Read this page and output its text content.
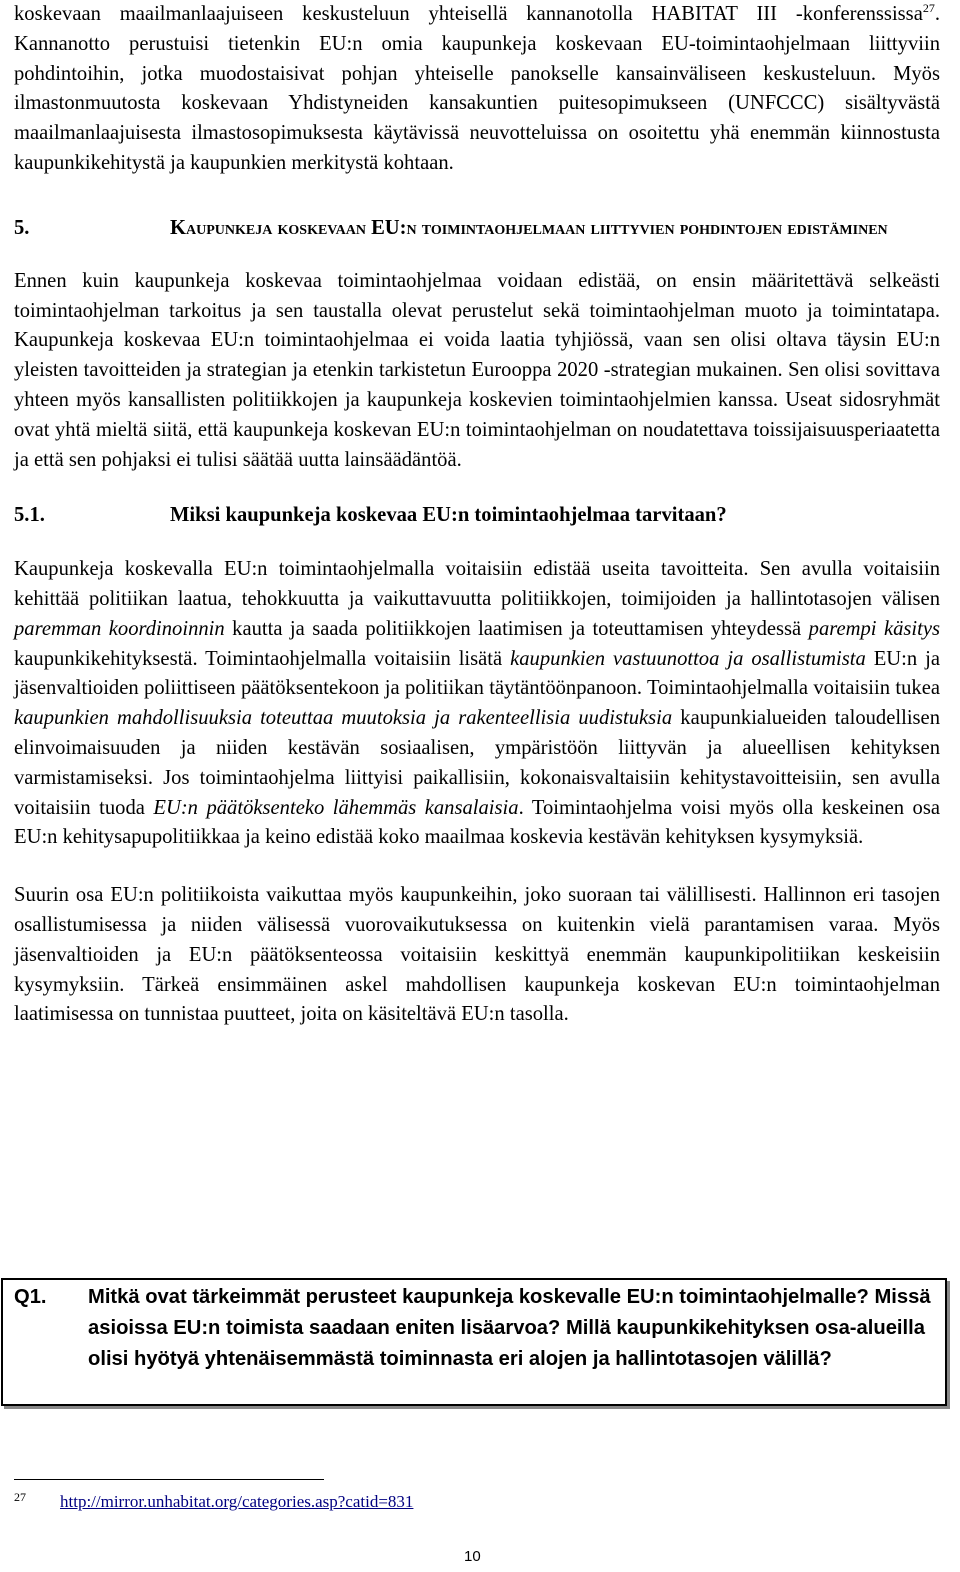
koskevaan maailmanlaajuiseen keskusteluun yhteisellä kannanotolla HABITAT III -konferenssissa$^{27}$. Kannanotto perustuisi tietenkin EU:n omia kaupunkeja koskevaan EU-toimintaohjelmaan liittyviin pohdintoihin, jotka muodostaisivat pohjan yhteiselle panokselle kansainväliseen keskusteluun. Myös ilmastonmuutosta koskevaan Yhdistyneiden kansakuntien puitesopimukseen (UNFCCC) sisältyvästä maailmanlaajuisesta ilmastosopimuksesta käytävissä neuvotteluissa on osoitettu yhä enemmän kiinnostusta kaupunkikehitystä ja kaupunkien merkitystä kohtaan.

5.	Kaupunkeja koskevaan EU:n toimintaohjelmaan liittyvien pohdintojen edistäminen

Ennen kuin kaupunkeja koskevaa toimintaohjelmaa voidaan edistää, on ensin määritettävä selkeästi toimintaohjelman tarkoitus ja sen taustalla olevat perustelut sekä toimintaohjelman muoto ja toimintatapa. Kaupunkeja koskevaa EU:n toimintaohjelmaa ei voida laatia tyhjiössä, vaan sen olisi oltava täysin EU:n yleisten tavoitteiden ja strategian ja etenkin tarkistetun Eurooppa 2020 -strategian mukainen. Sen olisi sovittava yhteen myös kansallisten politiikkojen ja kaupunkeja koskevien toimintaohjelmien kanssa. Useat sidosryhmät ovat yhtä mieltä siitä, että kaupunkeja koskevan EU:n toimintaohjelman on noudatettava toissijaisuusperiaatetta ja että sen pohjaksi ei tulisi säätää uutta lainsäädäntöä.

5.1.	Miksi kaupunkeja koskevaa EU:n toimintaohjelmaa tarvitaan?

Kaupunkeja koskevalla EU:n toimintaohjelmalla voitaisiin edistää useita tavoitteita. Sen avulla voitaisiin kehittää politiikan laatua, tehokkuutta ja vaikuttavuutta politiikkojen, toimijoiden ja hallintotasojen välisen paremman koordinoinnin kautta ja saada politiikkojen laatimisen ja toteuttamisen yhteydessä parempi käsitys kaupunkikehityksestä. Toimintaohjelmalla voitaisiin lisätä kaupunkien vastuunottoa ja osallistumista EU:n ja jäsenvaltioiden poliittiseen päätöksentekoon ja politiikan täytäntöönpanoon. Toimintaohjelmalla voitaisiin tukea kaupunkien mahdollisuuksia toteuttaa muutoksia ja rakenteellisia uudistuksia kaupunkialueiden taloudellisen elinvoimaisuuden ja niiden kestävän sosiaalisen, ympäristöön liittyvän ja alueellisen kehityksen varmistamiseksi. Jos toimintaohjelma liittyisi paikallisiin, kokonaisvaltaisiin kehitystavoitteisiin, sen avulla voitaisiin tuoda EU:n päätöksenteko lähemmäs kansalaisia. Toimintaohjelma voisi myös olla keskeinen osa EU:n kehitysapupolitiikkaa ja keino edistää koko maailmaa koskevia kestävän kehityksen kysymyksiä.

Suurin osa EU:n politiikoista vaikuttaa myös kaupunkeihin, joko suoraan tai välillisesti. Hallinnon eri tasojen osallistumisessa ja niiden välisessä vuorovaikutuksessa on kuitenkin vielä parantamisen varaa. Myös jäsenvaltioiden ja EU:n päätöksenteossa voitaisiin keskittyä enemmän kaupunkipolitiikan keskeisiin kysymyksiin. Tärkeä ensimmäinen askel mahdollisen kaupunkeja koskevan EU:n toimintaohjelman laatimisessa on tunnistaa puutteet, joita on käsiteltävä EU:n tasolla.

Q1.	Mitkä ovat tärkeimmät perusteet kaupunkeja koskevalle EU:n toimintaohjelmalle? Missä asioissa EU:n toimista saadaan eniten lisäarvoa? Millä kaupunkikehityksen osa-alueilla olisi hyötyä yhtenäisemmästä toiminnasta eri alojen ja hallintotasojen välillä?
27 http://mirror.unhabitat.org/categories.asp?catid=831
10
